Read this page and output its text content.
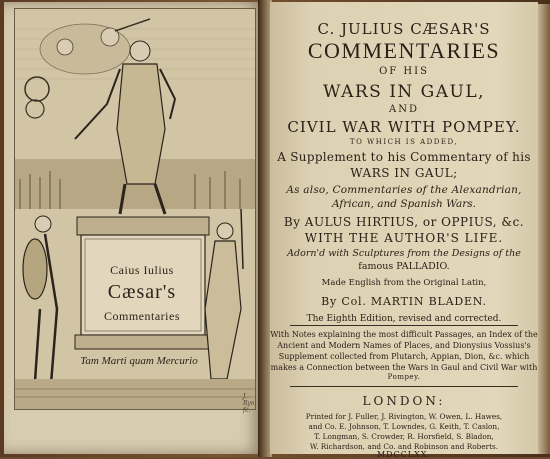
Caius Iulius
Cæsar's
Commentaries
Tam Marti quam Mercurio
J. Ryn fc.
C. JULIUS CÆSAR'S
COMMENTARIES
OF HIS
WARS IN GAUL,
AND
CIVIL WAR WITH POMPEY.
TO WHICH IS ADDED,
A Supplement to his Commentary of his
WARS IN GAUL;
As also, Commentaries of the Alexandrian,
African, and Spanish Wars.
By AULUS HIRTIUS, or OPPIUS, &c.
WITH THE AUTHOR'S LIFE.
Adorn'd with Sculptures from the Designs of the
famous PALLADIO.
Made English from the Original Latin,
By Col. MARTIN BLADEN.
The Eighth Edition, revised and corrected.
With Notes explaining the most difficult Passages, an Index of the
Ancient and Modern Names of Places, and Dionysius Vossius's
Supplement collected from Plutarch, Appian, Dion, &c. which
makes a Connection between the Wars in Gaul and Civil War with
Pompey.
LONDON:
Printed for J. Fuller, J. Rivington, W. Owen, L. Hawes,
and Co. E. Johnson, T. Lowndes, G. Keith, T. Caslon,
T. Longman, S. Crowder, R. Horsfield, S. Bladon,
W. Richardson, and Co. and Robinson and Roberts.
MDCCLXX.
